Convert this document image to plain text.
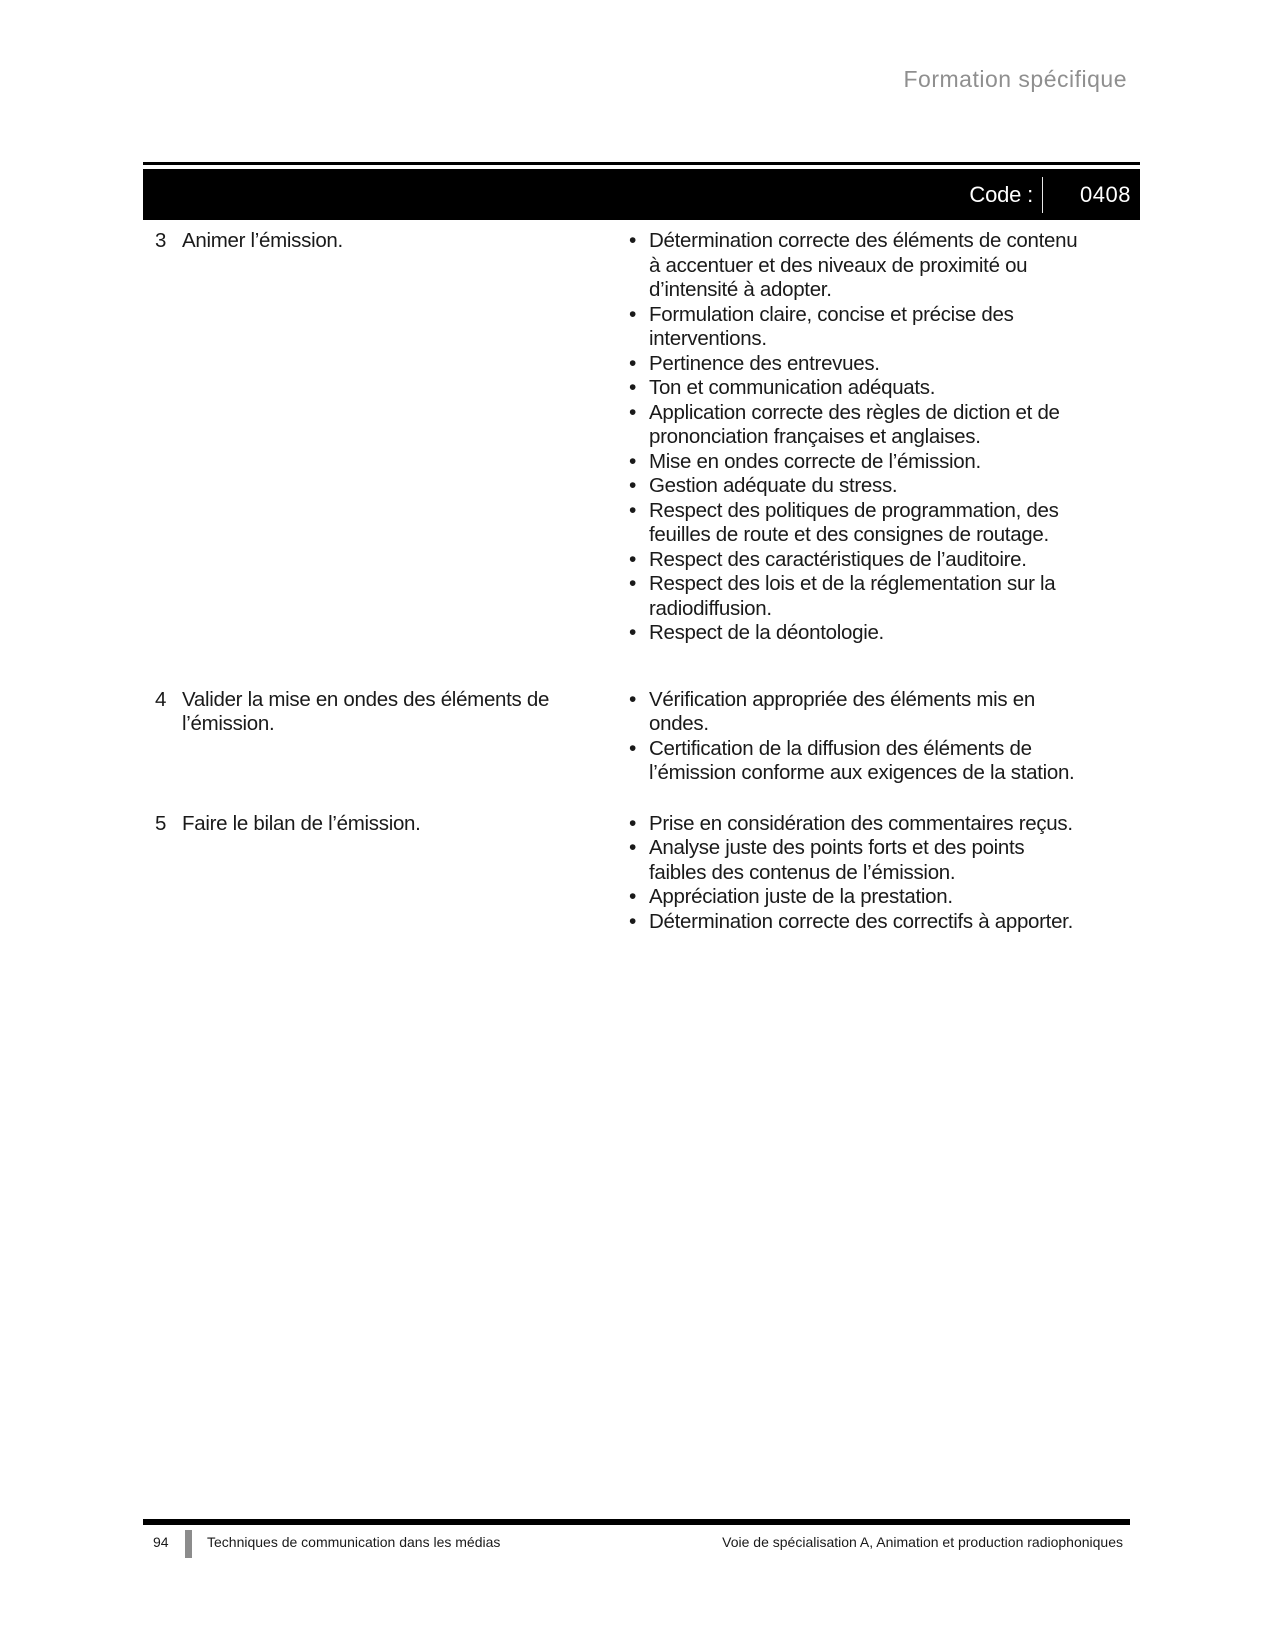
Formation spécifique
Code :	0408
3 Animer l’émission.	• Détermination correcte des éléments de contenu à accentuer et des niveaux de proximité ou d’intensité à adopter.
• Formulation claire, concise et précise des interventions.
• Pertinence des entrevues.
• Ton et communication adéquats.
• Application correcte des règles de diction et de prononciation françaises et anglaises.
• Mise en ondes correcte de l’émission.
• Gestion adéquate du stress.
• Respect des politiques de programmation, des feuilles de route et des consignes de routage.
• Respect des caractéristiques de l’auditoire.
• Respect des lois et de la réglementation sur la radiodiffusion.
• Respect de la déontologie.
4 Valider la mise en ondes des éléments de l’émission.
• Vérification appropriée des éléments mis en ondes.
• Certification de la diffusion des éléments de l’émission conforme aux exigences de la station.
5 Faire le bilan de l’émission.	• Prise en considération des commentaires reçus.
• Analyse juste des points forts et des points faibles des contenus de l’émission.
• Appréciation juste de la prestation.
• Détermination correcte des correctifs à apporter.
94	Techniques de communication dans les médias	Voie de spécialisation A, Animation et production radiophoniques
